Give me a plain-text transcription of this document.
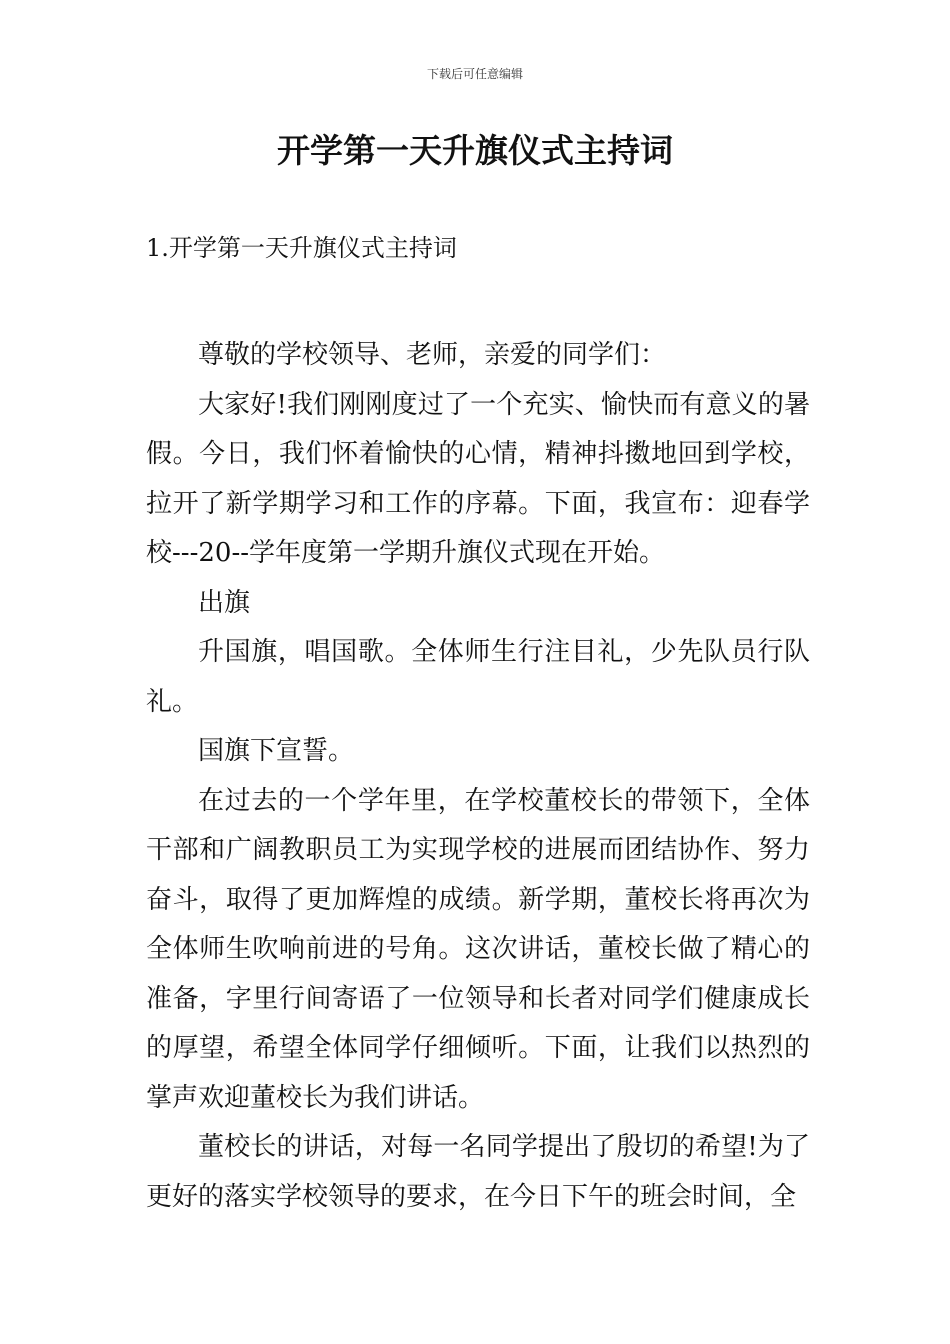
下载后可任意编辑
开学第一天升旗仪式主持词
1.开学第一天升旗仪式主持词

尊敬的学校领导、老师，亲爱的同学们：

大家好!我们刚刚度过了一个充实、愉快而有意义的暑假。今日，我们怀着愉快的心情，精神抖擞地回到学校，拉开了新学期学习和工作的序幕。下面，我宣布：迎春学校---20--学年度第一学期升旗仪式现在开始。

出旗

升国旗，唱国歌。全体师生行注目礼，少先队员行队礼。

国旗下宣誓。

在过去的一个学年里，在学校董校长的带领下，全体干部和广阔教职员工为实现学校的进展而团结协作、努力奋斗，取得了更加辉煌的成绩。新学期，董校长将再次为全体师生吹响前进的号角。这次讲话，董校长做了精心的准备，字里行间寄语了一位领导和长者对同学们健康成长的厚望，希望全体同学仔细倾听。下面，让我们以热烈的掌声欢迎董校长为我们讲话。

董校长的讲话，对每一名同学提出了殷切的希望!为了更好的落实学校领导的要求，在今日下午的班会时间，全
